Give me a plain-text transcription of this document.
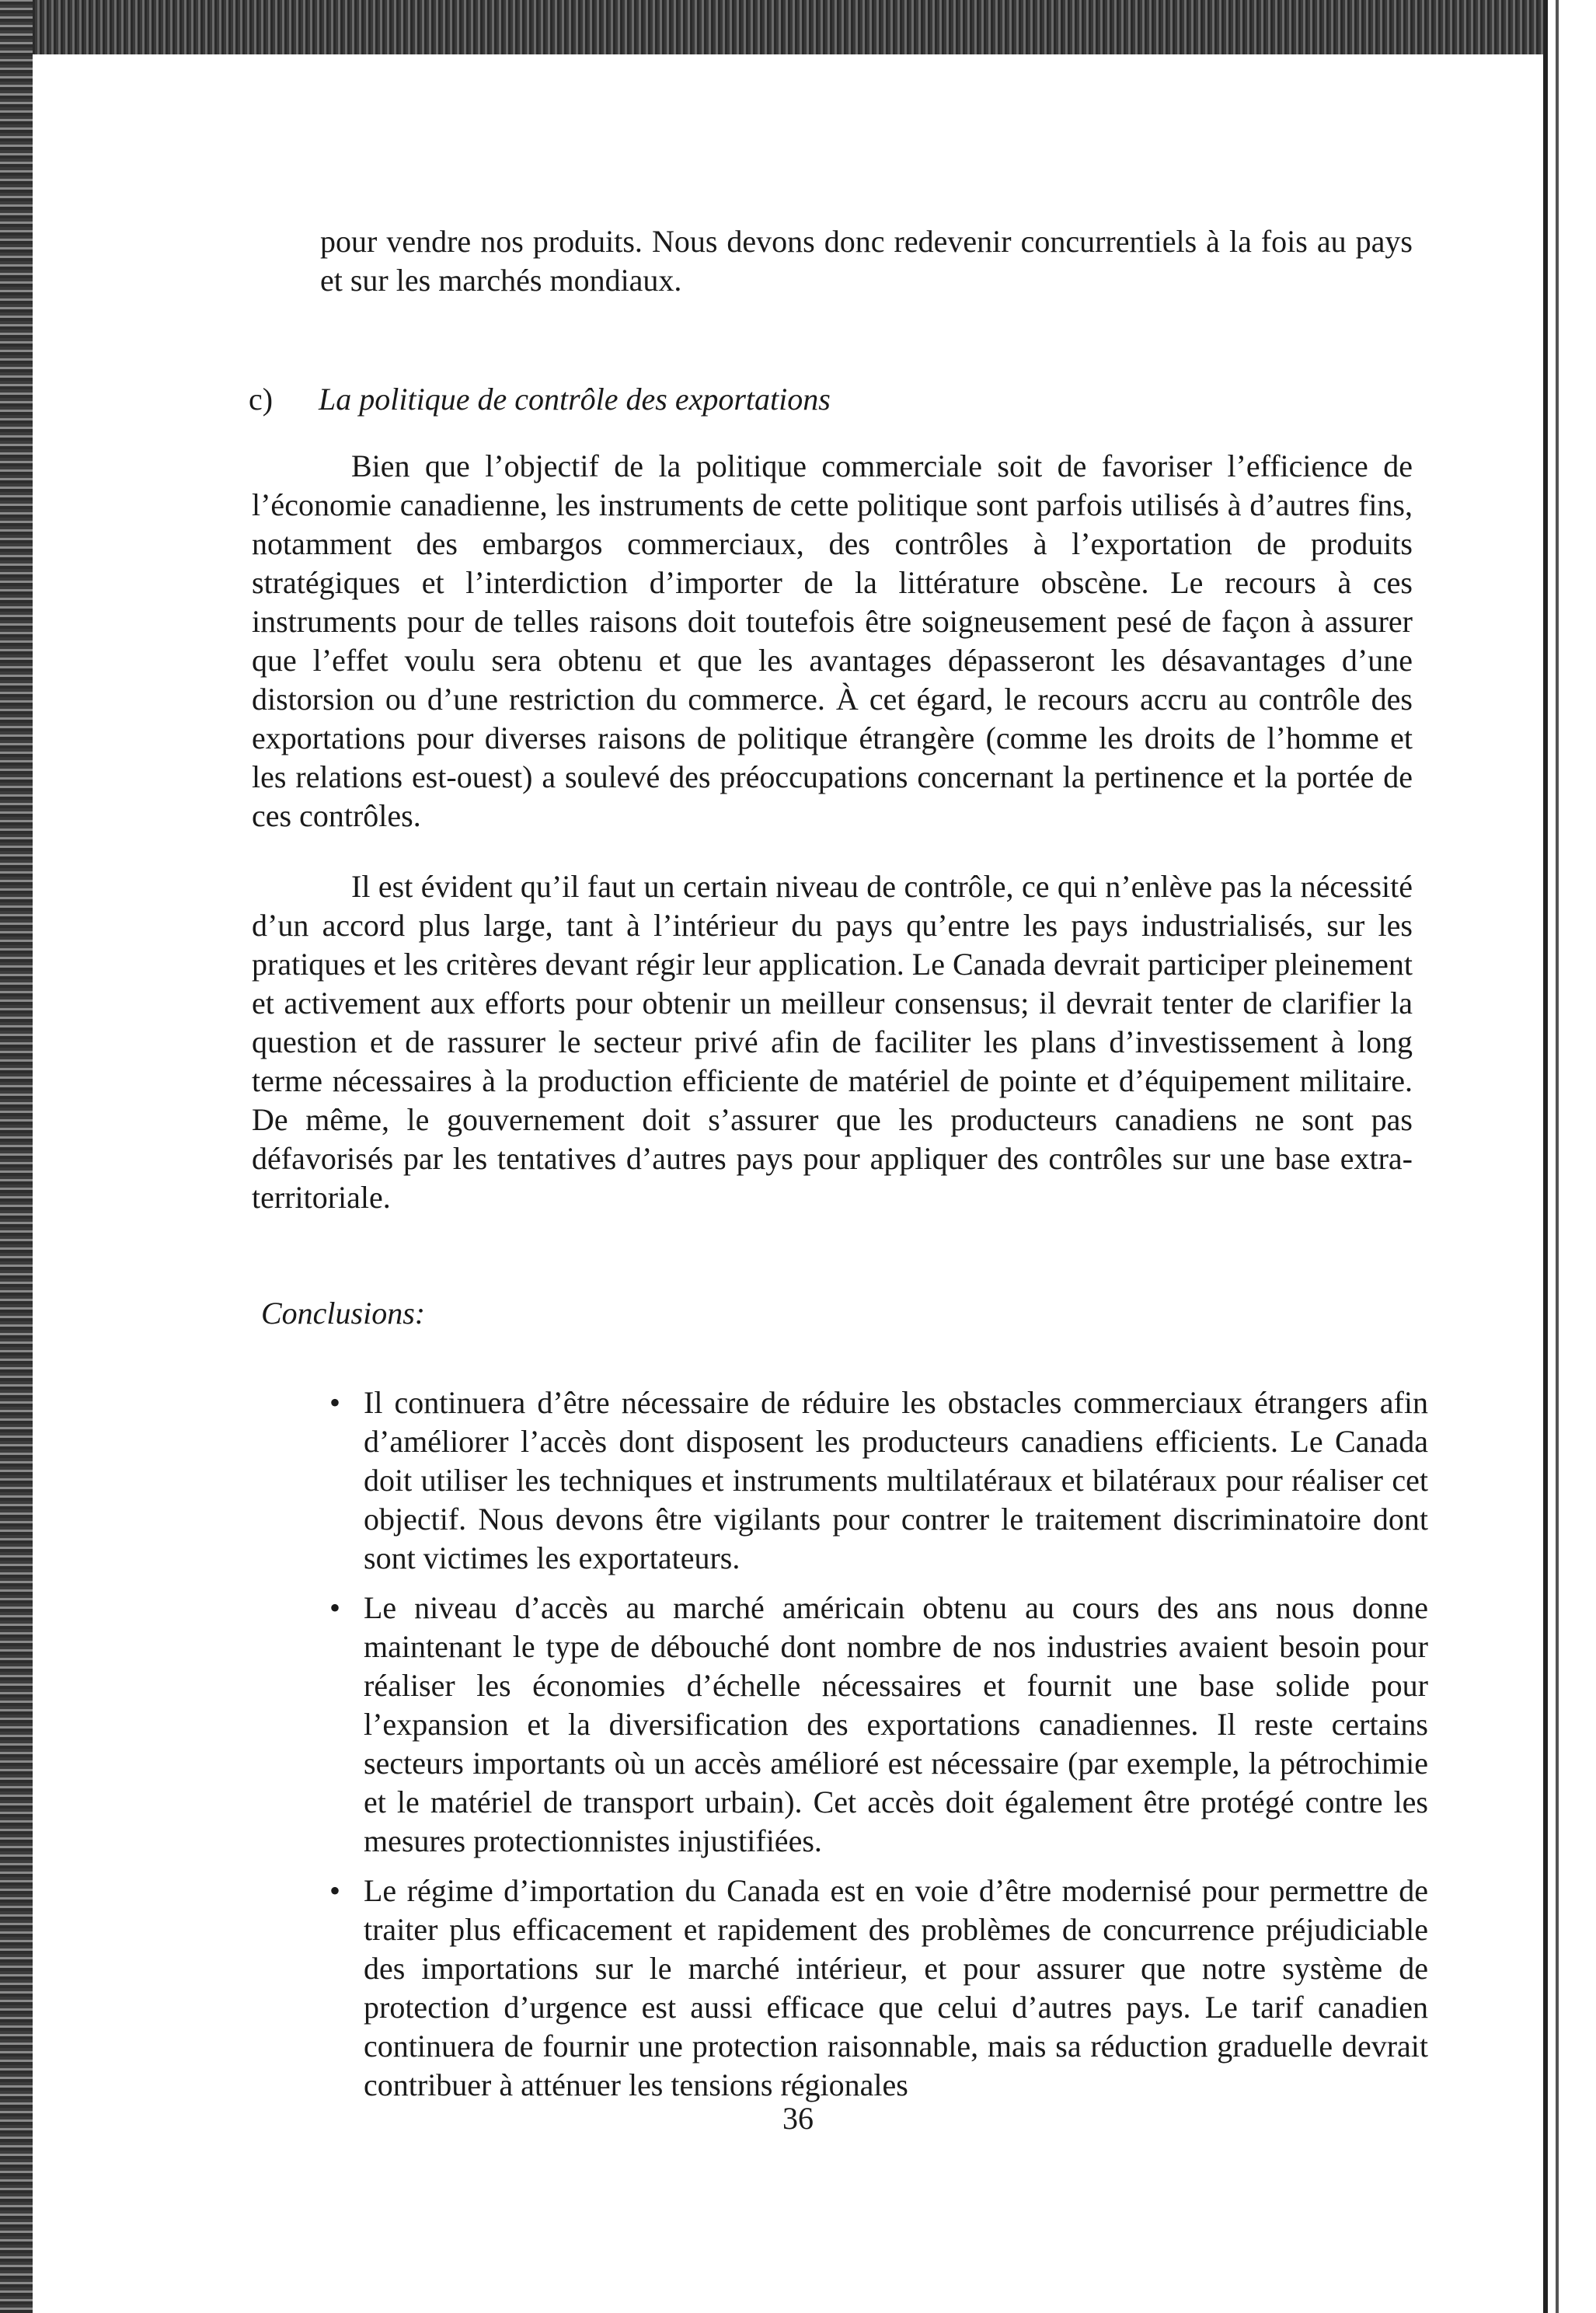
pour vendre nos produits. Nous devons donc redevenir concurrentiels à la fois au pays et sur les marchés mondiaux.

c) La politique de contrôle des exportations

Bien que l’objectif de la politique commerciale soit de favoriser l’efficience de l’économie canadienne, les instruments de cette politique sont parfois utilisés à d’autres fins, notamment des embargos commerciaux, des contrôles à l’exportation de produits stratégiques et l’interdiction d’importer de la littérature obscène. Le recours à ces instruments pour de telles raisons doit toutefois être soigneusement pesé de façon à assurer que l’effet voulu sera obtenu et que les avantages dépasseront les désavantages d’une distorsion ou d’une restriction du commerce. À cet égard, le recours accru au contrôle des exportations pour diverses raisons de politique étrangère (comme les droits de l’homme et les relations est-ouest) a soulevé des préoccupations concernant la pertinence et la portée de ces contrôles.

Il est évident qu’il faut un certain niveau de contrôle, ce qui n’enlève pas la nécessité d’un accord plus large, tant à l’intérieur du pays qu’entre les pays industrialisés, sur les pratiques et les critères devant régir leur application. Le Canada devrait participer pleinement et activement aux efforts pour obtenir un meilleur consensus; il devrait tenter de clarifier la question et de rassurer le secteur privé afin de faciliter les plans d’investissement à long terme nécessaires à la production efficiente de matériel de pointe et d’équipement militaire. De même, le gouvernement doit s’assurer que les producteurs canadiens ne sont pas défavorisés par les tentatives d’autres pays pour appliquer des contrôles sur une base extra-territoriale.

Conclusions:

• Il continuera d’être nécessaire de réduire les obstacles commerciaux étrangers afin d’améliorer l’accès dont disposent les producteurs canadiens efficients. Le Canada doit utiliser les techniques et instruments multilatéraux et bilatéraux pour réaliser cet objectif. Nous devons être vigilants pour contrer le traitement discriminatoire dont sont victimes les exportateurs.
• Le niveau d’accès au marché américain obtenu au cours des ans nous donne maintenant le type de débouché dont nombre de nos industries avaient besoin pour réaliser les économies d’échelle nécessaires et fournit une base solide pour l’expansion et la diversification des exportations canadiennes. Il reste certains secteurs importants où un accès amélioré est nécessaire (par exemple, la pétrochimie et le matériel de transport urbain). Cet accès doit également être protégé contre les mesures protectionnistes injustifiées.
• Le régime d’importation du Canada est en voie d’être modernisé pour permettre de traiter plus efficacement et rapidement des problèmes de concurrence préjudiciable des importations sur le marché intérieur, et pour assurer que notre système de protection d’urgence est aussi efficace que celui d’autres pays. Le tarif canadien continuera de fournir une protection raisonnable, mais sa réduction graduelle devrait contribuer à atténuer les tensions régionales

36
